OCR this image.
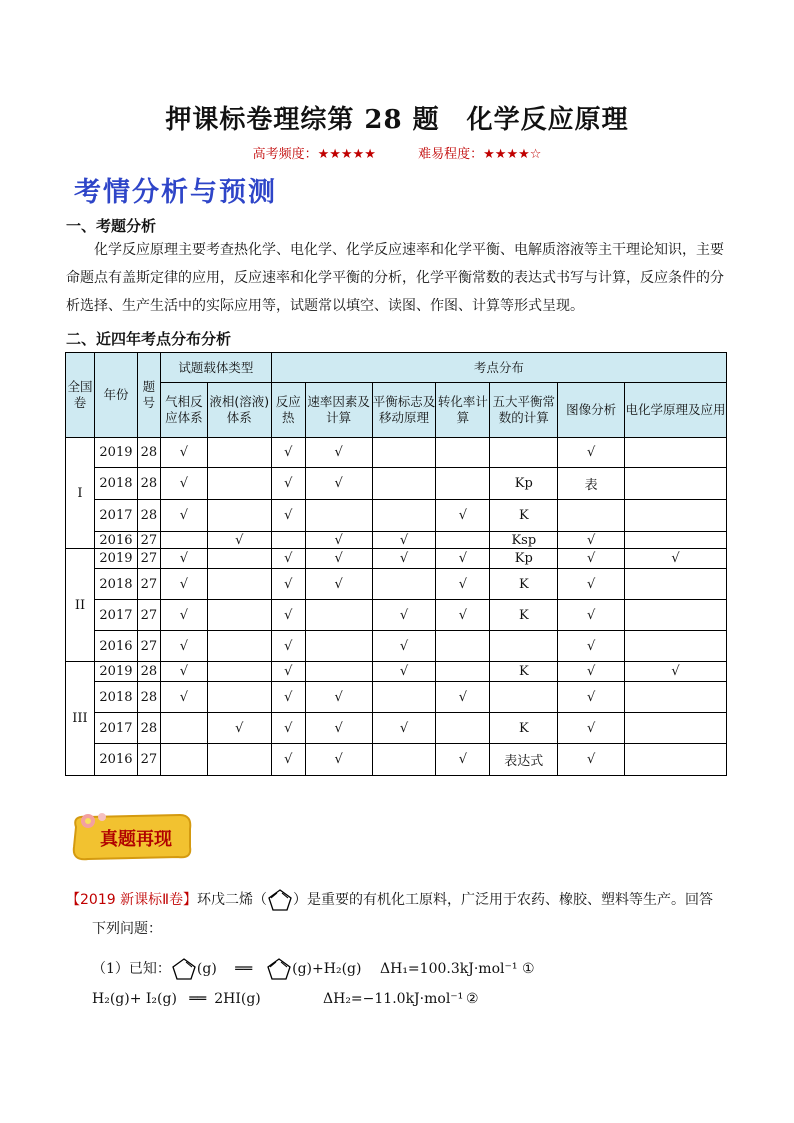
押课标卷理综第 28 题　化学反应原理
高考频度：★★★★★	难易程度：★★★★☆
考情分析与预测
一、考题分析
化学反应原理主要考查热化学、电化学、化学反应速率和化学平衡、电解质溶液等主干理论知识，主要命题点有盖斯定律的应用，反应速率和化学平衡的分析，化学平衡常数的表达式书写与计算，反应条件的分析选择、生产生活中的实际应用等，试题常以填空、读图、作图、计算等形式呈现。
二、近四年考点分布分析
全国卷	年份	题号	试题载体类型		考点分布						
			气相反应体系	液相(溶液)体系	反应热	速率因素及计算	平衡标志及移动原理	转化率计算	五大平衡常数的计算	图像分析	电化学原理及应用
I	2019	28	√		√	√				√	
	2018	28	√		√	√			Kp	表	
	2017	28	√		√			√	K		
	2016	27		√		√	√		Ksp	√	
II	2019	27	√		√	√	√	√	Kp	√	√
	2018	27	√		√	√		√	K	√	
	2017	27	√		√		√	√	K	√	
	2016	27	√		√		√			√	
III	2019	28	√		√		√		K	√	√
	2018	28	√		√	√		√		√	
	2017	28		√	√	√	√		K	√	
	2016	27			√	√		√	表达式	√	
真题再现
【2019 新课标Ⅱ卷】环戊二烯（ ）是重要的有机化工原料，广泛用于农药、橡胶、塑料等生产。回答
下列问题：
（1）已知： (g) ══	(g)+H₂(g) ΔH₁=100.3kJ·mol⁻¹ ①
H₂(g)+ I₂(g) ══ 2HI(g)	ΔH₂=−11.0kJ·mol⁻¹ ②
